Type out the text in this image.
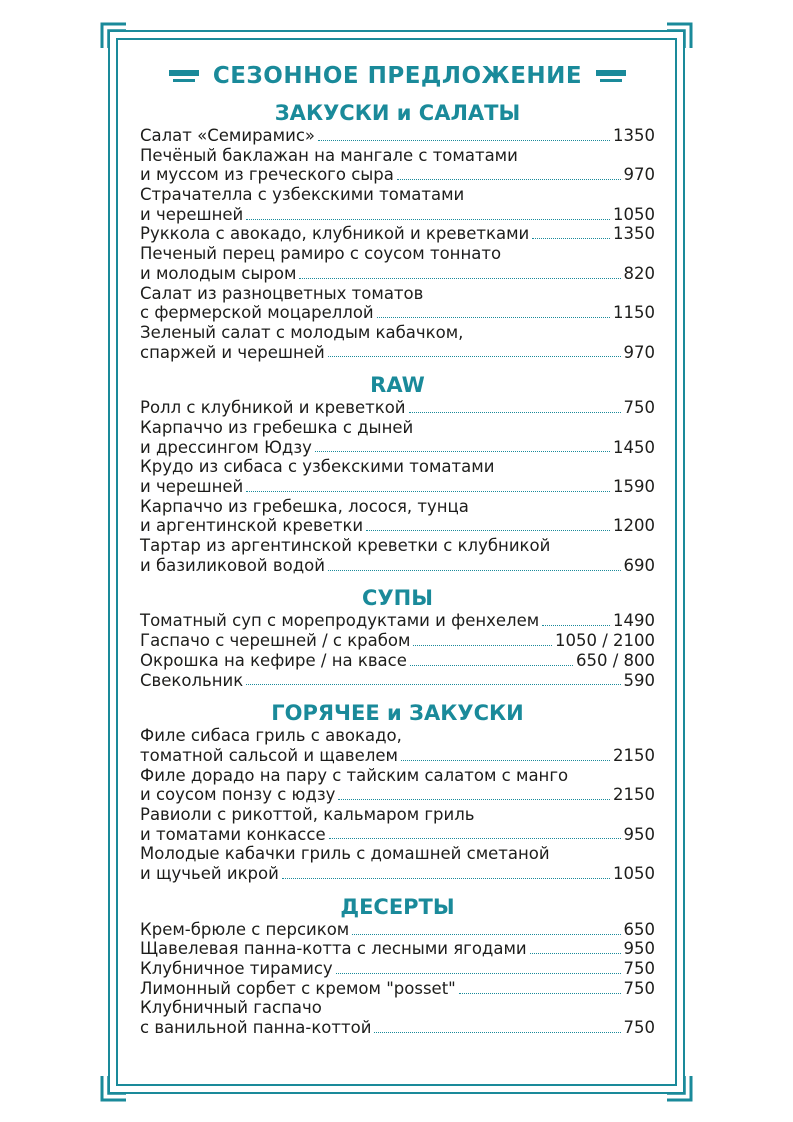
СЕЗОННОЕ ПРЕДЛОЖЕНИЕ
ЗАКУСКИ и САЛАТЫ
Салат «Семирамис»	1350
Печёный баклажан на мангале с томатами
и муссом из греческого сыра	970
Страчателла с узбекскими томатами
и черешней	1050
Руккола с авокадо, клубникой и креветками	1350
Печеный перец рамиро с соусом тоннато
и молодым сыром	820
Салат из разноцветных томатов
с фермерской моцареллой	1150
Зеленый салат с молодым кабачком,
спаржей и черешней	970
RAW
Ролл с клубникой и креветкой	750
Карпаччо из гребешка с дыней
и дрессингом Юдзу	1450
Крудо из сибаса с узбекскими томатами
и черешней	1590
Карпаччо из гребешка, лосося, тунца
и аргентинской креветки	1200
Тартар из аргентинской креветки с клубникой
и базиликовой водой	690
СУПЫ
Томатный суп с морепродуктами и фенхелем	1490
Гаспачо с черешней / с крабом	1050 / 2100
Окрошка на кефире / на квасе	650 / 800
Свекольник	590
ГОРЯЧЕЕ и ЗАКУСКИ
Филе сибаса гриль с авокадо,
томатной сальсой и щавелем	2150
Филе дорадо на пару с тайским салатом с манго
и соусом понзу с юдзу	2150
Равиоли с рикоттой, кальмаром гриль
и томатами конкассе	950
Молодые кабачки гриль с домашней сметаной
и щучьей икрой	1050
ДЕСЕРТЫ
Крем-брюле с персиком	650
Щавелевая панна-котта с лесными ягодами	950
Клубничное тирамису	750
Лимонный сорбет с кремом "posset"	750
Клубничный гаспачо
с ванильной панна-коттой	750
